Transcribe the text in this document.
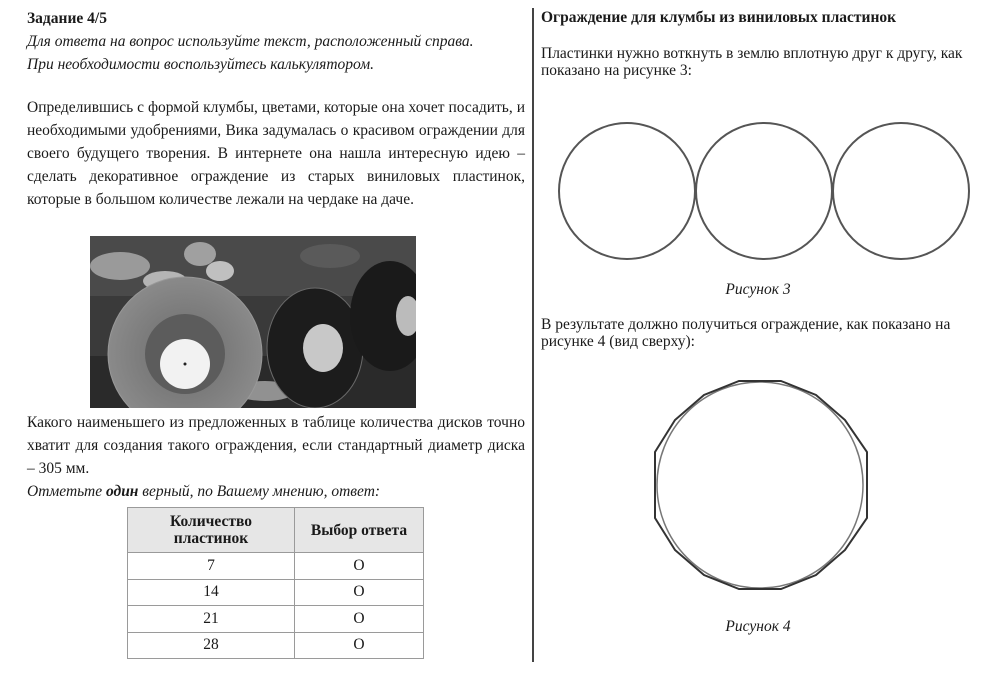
Задание 4/5

Для ответа на вопрос используйте текст, расположенный справа.

При необходимости воспользуйтесь калькулятором.

Определившись с формой клумбы, цветами, которые она хочет посадить, и необходимыми удобрениями, Вика задумалась о красивом ограждении для своего будущего творения. В интернете она нашла интересную идею – сделать декоративное ограждение из старых виниловых пластинок, которые в большом количестве лежали на чердаке на даче.

Какого наименьшего из предложенных в таблице количества дисков точно хватит для создания такого ограждения, если стандартный диаметр диска – 305 мм.

Отметьте один верный, по Вашему мнению, ответ:

Количество пластинок	Выбор ответа
7	O
14	O
21	O
28	O

Ограждение для клумбы из виниловых пластинок

Пластинки нужно воткнуть в землю вплотную друг к другу, как показано на рисунке 3:

Рисунок 3

В результате должно получиться ограждение, как показано на рисунке 4 (вид сверху):

Рисунок 4
